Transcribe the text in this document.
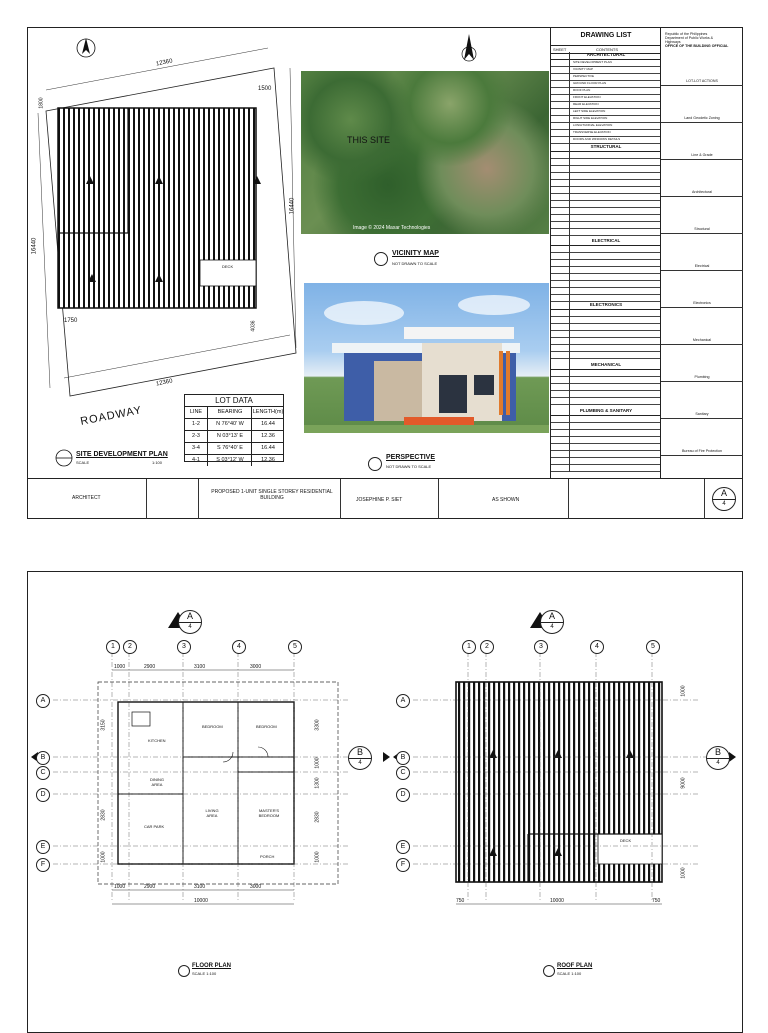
12360
1500
1800
16440
16440
1750	4036
12360
DECK
ROADWAY
SITE DEVELOPMENT PLAN
SCALE	1:100
LOT DATA
LINE	BEARING	LENGTH(m)
1-2	N 76°40' W	16.44
2-3	N 03°13' E	12.36
3-4	S 76°40' E	16.44
4-1	S 03°12' W	12.36
THIS SITE
Image © 2024 Maxar Technologies
VICINITY MAP
NOT DRAWN TO SCALE
PERSPECTIVE
NOT DRAWN TO SCALE
DRAWING LIST
SHEET	CONTENTS
ARCHITECTURAL
STRUCTURAL
ELECTRICAL
ELECTRONICS
MECHANICAL
PLUMBING & SANITARY
SITE DEVELOPMENT PLAN
VICINITY MAP
PERSPECTIVE
GROUND FLOOR PLAN
ROOF PLAN
FRONT ELEVATION
REAR ELEVATION
LEFT SIDE ELEVATION
RIGHT SIDE ELEVATION
LONGITUDINAL ELEVATION
TRANSVERSE ELEVATION
DOORS AND WINDOWS DETAILS
Republic of the Philippines
Department of Public Works &
Highways
OFFICE OF THE BUILDING OFFICIAL
LOT-LOT ACTIONS
Land Geodetic Zoning
Line & Grade
Architectural
Structural
Electrical
Electronics
Mechanical
Plumbing
Sanitary
Bureau of Fire Protection
ARCHITECT
PROPOSED 1-UNIT SINGLE STOREY RESIDENTIAL BUILDING	JOSEPHINE P. SIET	AS SHOWN
A
4
1	2	3	4	5	1	2	3	4	5
A
B
C
D
E
F
A
B
C
D
E
F
A
4
A
4
B
4
B
4
KITCHEN
BEDROOM	BEDROOM
DINING AREA
CAR PARK
LIVING AREA
MASTER'S BEDROOM
PORCH
1000	2900	3100	3000
1000	2900	3100	3000
10000
3150
2830
1000
3300
1000
1300
2830
1000
DECK
750	10000	750
1000
9000
1000
FLOOR PLAN
SCALE 1:100
ROOF PLAN
SCALE 1:100
